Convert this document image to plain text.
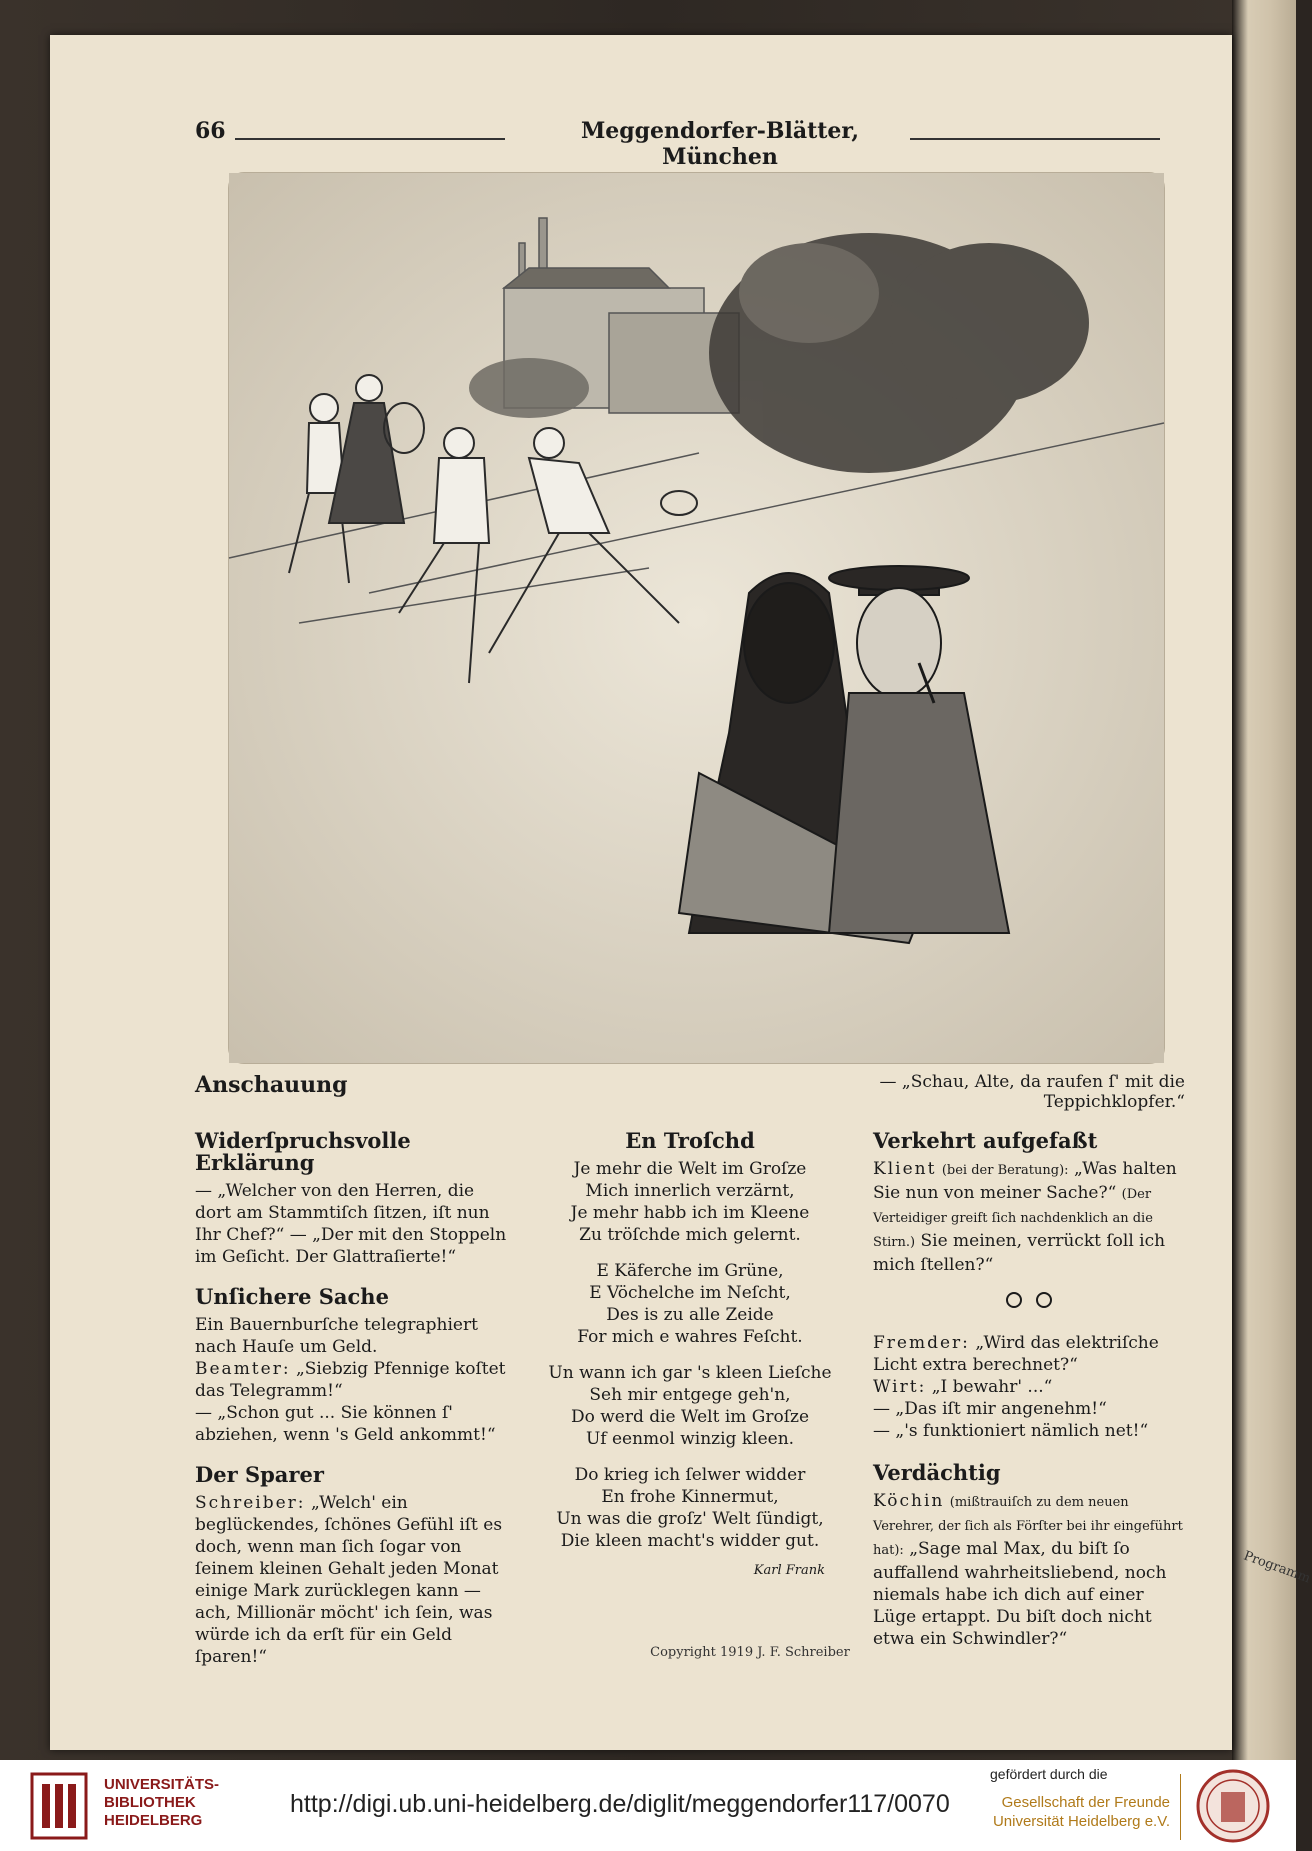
Programm
66	Meggendorfer-Blätter, München
Anschauung	— „Schau, Alte, da raufen ſ' mit die Teppichklopfer.“
Widerſpruchsvolle Erklärung

— „Welcher von den Herren, die dort am Stammtiſch ſitzen, iſt nun Ihr Chef?“ — „Der mit den Stoppeln im Geſicht. Der Glattraſierte!“

Unſichere Sache

Ein Bauernburſche telegraphiert nach Hauſe um Geld.

Beamter: „Siebzig Pfennige koſtet das Telegramm!“

— „Schon gut ... Sie können ſ' abziehen, wenn 's Geld ankommt!“

Der Sparer

Schreiber: „Welch' ein beglückendes, ſchönes Gefühl iſt es doch, wenn man ſich ſogar von ſeinem kleinen Gehalt jeden Monat einige Mark zurücklegen kann — ach, Millionär möcht' ich ſein, was würde ich da erſt für ein Geld ſparen!“

En Troſchd
Je mehr die Welt im Groſze
Mich innerlich verzärnt,
Je mehr habb ich im Kleene
Zu tröſchde mich gelernt.
E Käferche im Grüne,
E Vöchelche im Neſcht,
Des is zu alle Zeide
For mich e wahres Feſcht.
Un wann ich gar 's kleen Lieſche
Seh mir entgege geh'n,
Do werd die Welt im Groſze
Uf eenmol winzig kleen.
Do krieg ich ſelwer widder
En frohe Kinnermut,
Un was die groſz' Welt ſündigt,
Die kleen macht's widder gut.
Karl Frank
Verkehrt aufgefaßt

Klient (bei der Beratung): „Was halten Sie nun von meiner Sache?“ (Der Verteidiger greift ſich nachdenklich an die Stirn.) Sie meinen, verrückt ſoll ich mich ſtellen?“

Fremder: „Wird das elektriſche Licht extra berechnet?“

Wirt: „I bewahr' ...“

— „Das iſt mir angenehm!“

— „'s funktioniert nämlich net!“

Verdächtig

Köchin (mißtrauiſch zu dem neuen Verehrer, der ſich als Förſter bei ihr eingeführt hat): „Sage mal Max, du biſt ſo auffallend wahrheitsliebend, noch niemals habe ich dich auf einer Lüge ertappt. Du biſt doch nicht etwa ein Schwindler?“

Copyright 1919 J. F. Schreiber
UNIVERSITÄTS-
BIBLIOTHEK
HEIDELBERG
http://digi.ub.uni-heidelberg.de/diglit/meggendorfer117/0070
gefördert durch die
Gesellschaft der Freunde
Universität Heidelberg e.V.
